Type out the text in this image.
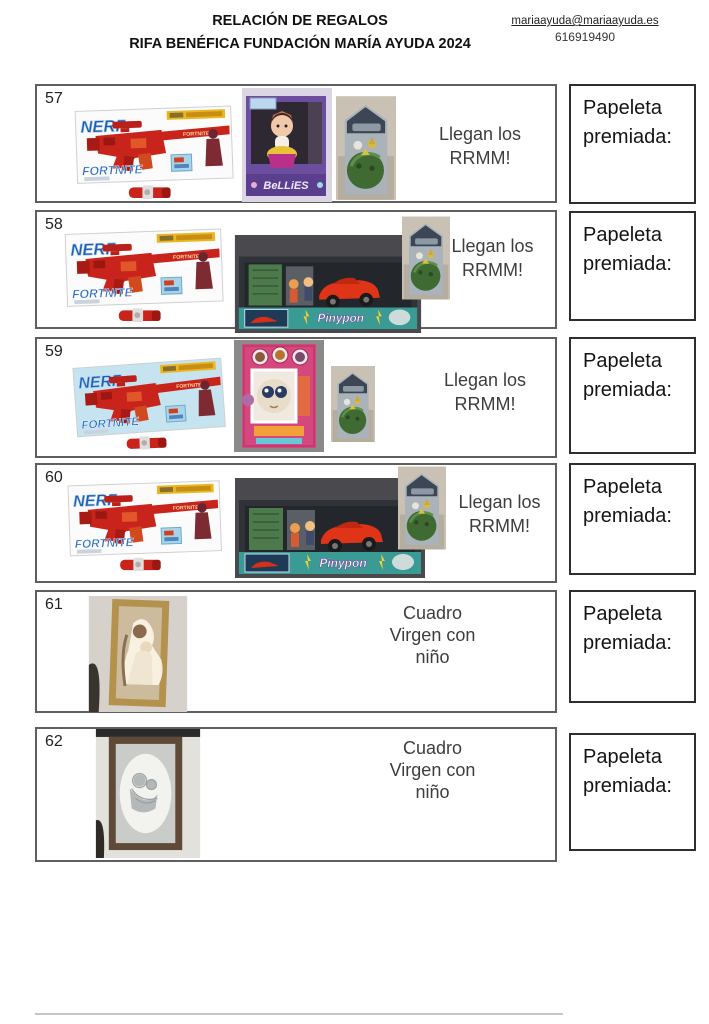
RELACIÓN DE REGALOS
RIFA BENÉFICA FUNDACIÓN MARÍA AYUDA 2024
mariaayuda@mariaayuda.es
616919490
57
Llegan los
RRMM!
Papeleta
premiada:
58
Llegan los
RRMM!
Papeleta
premiada:
59
Llegan los
RRMM!
Papeleta
premiada:
60
Llegan los
RRMM!
Papeleta
premiada:
61	Cuadro
Virgen con
niño
Papeleta
premiada:
62	Cuadro
Virgen con
niño
Papeleta
premiada:
